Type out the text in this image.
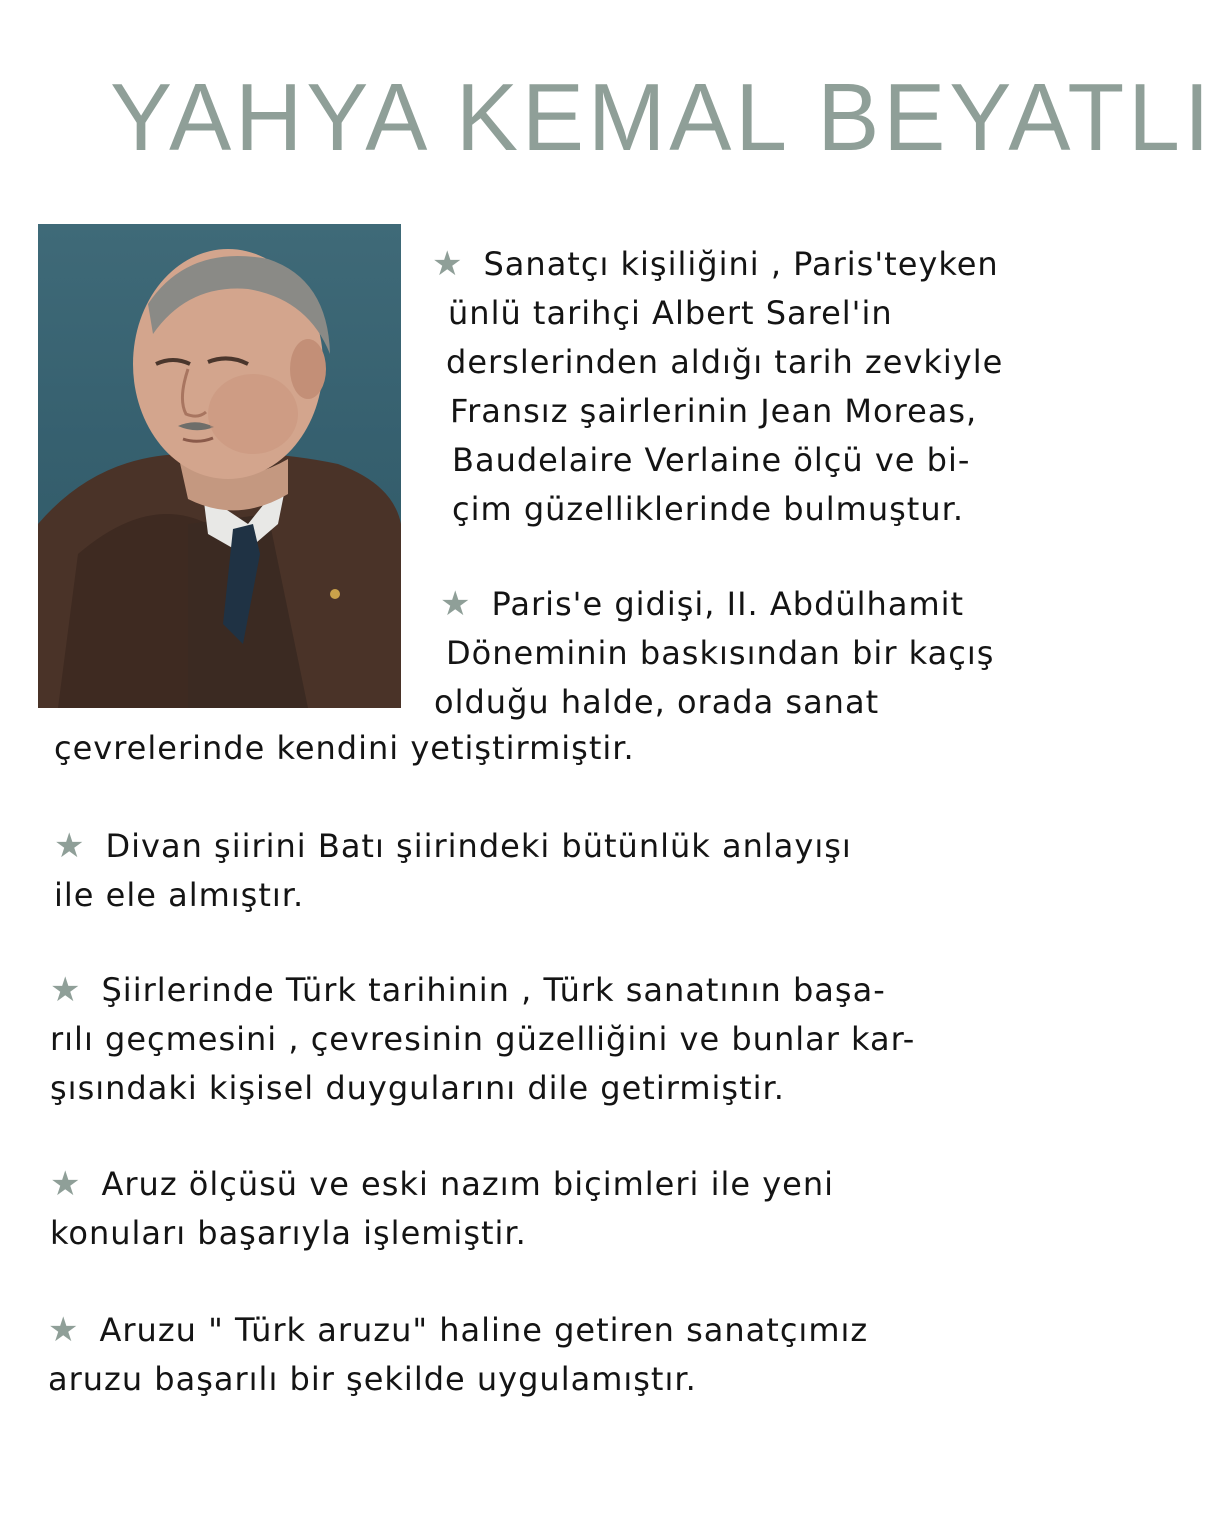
YAHYA KEMAL BEYATLI
★ Sanatçı kişiliğini , Paris'teyken
ünlü tarihçi Albert Sarel'in
derslerinden aldığı tarih zevkiyle
Fransız şairlerinin Jean Moreas,
Baudelaire Verlaine ölçü ve bi-
çim güzelliklerinde bulmuştur.
★ Paris'e gidişi, II. Abdülhamit
Döneminin baskısından bir kaçış
olduğu halde, orada sanat
çevrelerinde kendini yetiştirmiştir.
★ Divan şiirini Batı şiirindeki bütünlük anlayışı
ile ele almıştır.
★ Şiirlerinde Türk tarihinin , Türk sanatının başa-
rılı geçmesini , çevresinin güzelliğini ve bunlar kar-
şısındaki kişisel duygularını dile getirmiştir.
★ Aruz ölçüsü ve eski nazım biçimleri ile yeni
konuları başarıyla işlemiştir.
★ Aruzu " Türk aruzu" haline getiren sanatçımız
aruzu başarılı bir şekilde uygulamıştır.
